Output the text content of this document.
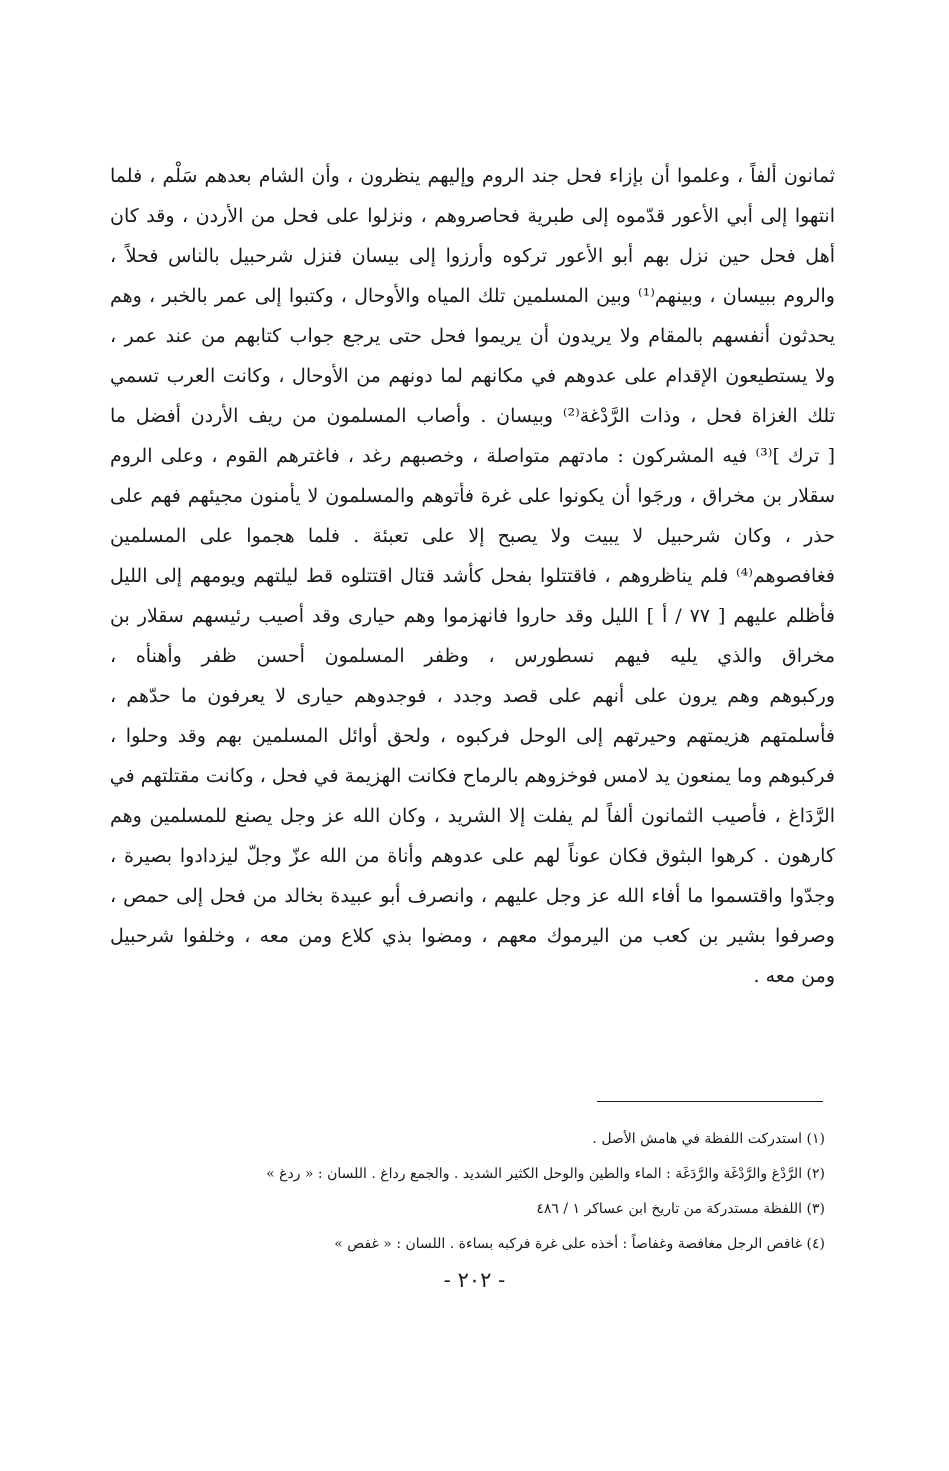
ثمانون ألفاً ، وعلموا أن بإزاء فحل جند الروم وإليهم ينظرون ، وأن الشام بعدهم سَلْم ، فلما
انتهوا إلى أبي الأعور قدّموه إلى طبرية فحاصروهم ، ونزلوا على فحل من الأردن ، وقد كان
أهل فحل حين نزل بهم أبو الأعور تركوه وأرزوا إلى بيسان فنزل شرحبيل بالناس فحلاً ،
والروم ببيسان ، وبينهم⁽¹⁾ وبين المسلمين تلك المياه والأوحال ، وكتبوا إلى عمر بالخبر ، وهم
يحدثون أنفسهم بالمقام ولا يريدون أن يريموا فحل حتى يرجع جواب كتابهم من عند عمر ،
ولا يستطيعون الإقدام على عدوهم في مكانهم لما دونهم من الأوحال ، وكانت العرب تسمي
تلك الغزاة فحل ، وذات الرَّدْغة⁽²⁾ وبيسان . وأصاب المسلمون من ريف الأردن أفضل ما
[ ترك ]⁽³⁾ فيه المشركون : مادتهم متواصلة ، وخصبهم رغد ، فاغترهم القوم ، وعلى الروم
سقلار بن مخراق ، ورجَوا أن يكونوا على غرة فأتوهم والمسلمون لا يأمنون مجيئهم فهم على
حذر ، وكان شرحبيل لا يبيت ولا يصبح إلا على تعبئة . فلما هجموا على المسلمين
فغافصوهم⁽⁴⁾ فلم يناظروهم ، فاقتتلوا بفحل كأشد قتال اقتتلوه قط ليلتهم ويومهم إلى الليل
فأظلم عليهم [ ٧٧ / أ ] الليل وقد حاروا فانهزموا وهم حيارى وقد أصيب رئيسهم سقلار بن
مخراق والذي يليه فيهم نسطورس ، وظفر المسلمون أحسن ظفر وأهنأه ،
وركبوهم وهم يرون على أنهم على قصد وجدد ، فوجدوهم حيارى لا يعرفون ما حدّهم ،
فأسلمتهم هزيمتهم وحيرتهم إلى الوحل فركبوه ، ولحق أوائل المسلمين بهم وقد وحلوا ،
فركبوهم وما يمنعون يد لامس فوخزوهم بالرماح فكانت الهزيمة في فحل ، وكانت مقتلتهم في
الرَّدَاغ ، فأصيب الثمانون ألفاً لم يفلت إلا الشريد ، وكان الله عز وجل يصنع للمسلمين وهم
كارهون . كرهوا البثوق فكان عوناً لهم على عدوهم وأناة من الله عزّ وجلّ ليزدادوا بصيرة ،
وجدّوا واقتسموا ما أفاء الله عز وجل عليهم ، وانصرف أبو عبيدة بخالد من فحل إلى حمص ،
وصرفوا بشير بن كعب من اليرموك معهم ، ومضوا بذي كلاع ومن معه ، وخلفوا شرحبيل
ومن معه .
(١) استدركت اللفظة في هامش الأصل .
(٢) الرَّدْغ والرَّدْغَة والرَّدَغَة : الماء والطين والوحل الكثير الشديد . والجمع رداغ . اللسان : « ردغ »
(٣) اللفظة مستدركة من تاريخ ابن عساكر ١ / ٤٨٦
(٤) غافص الرجل مغافصة وغفاصاً : أخذه على غرة فركبه بساءة . اللسان : « غفص »
- ٢٠٢ -
